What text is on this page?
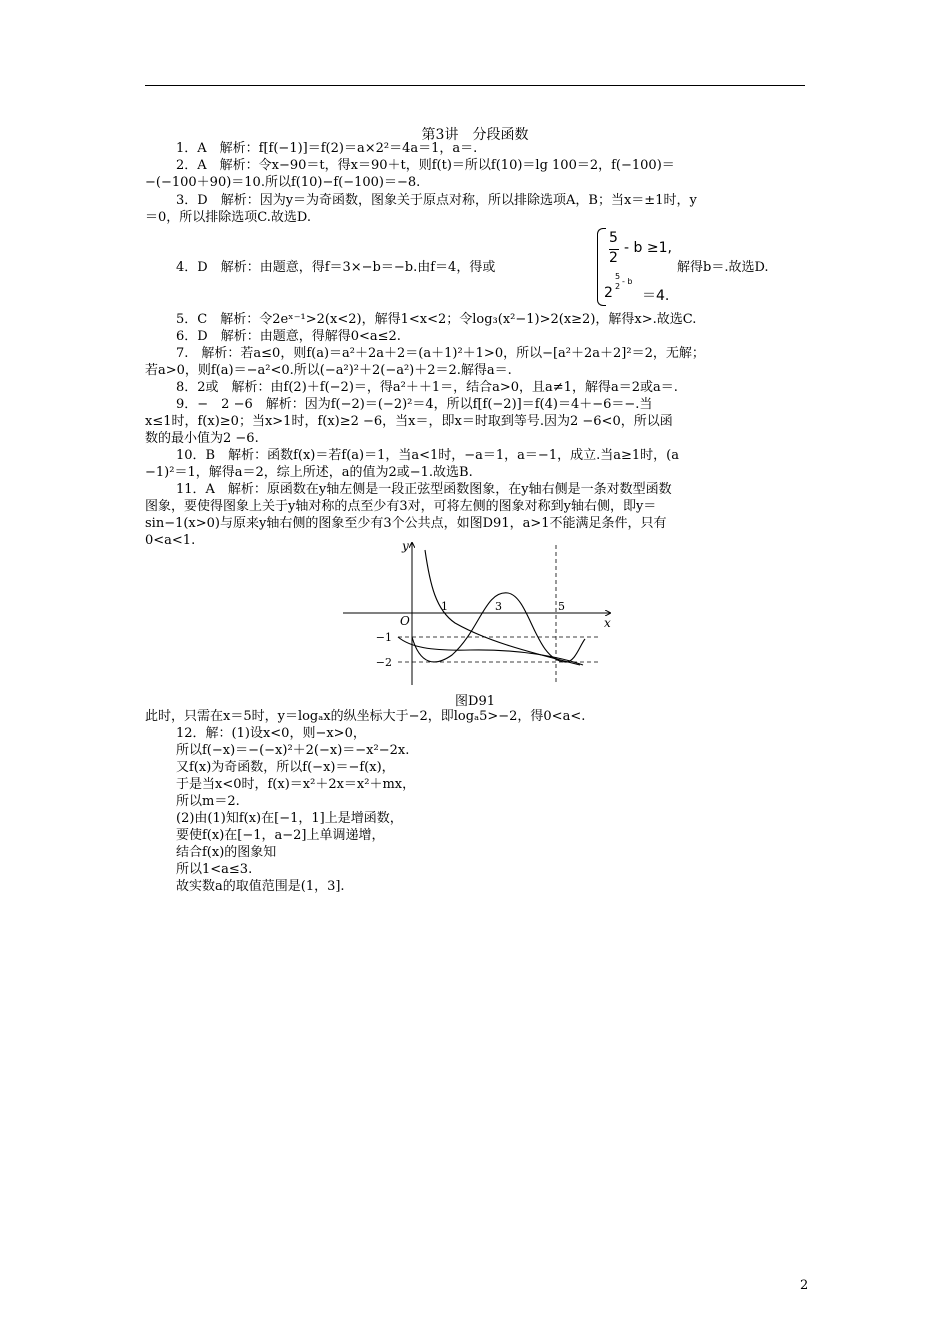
第3讲　分段函数
1．A　解析：f[f(−1)]＝f(2)＝a×2²＝4a＝1，a＝.
2．A　解析：令x−90＝t，得x＝90＋t，则f(t)＝所以f(10)＝lg 100＝2，f(−100)＝
−(−100＋90)＝10.所以f(10)−f(−100)＝−8.
3．D　解析：因为y＝为奇函数，图象关于原点对称，所以排除选项A，B；当x＝±1时，y
＝0，所以排除选项C.故选D.
4．D　解析：由题意，得f＝3×−b＝−b.由f＝4，得或
5
2
- b ≥1,
2
5
2
- b
＝4.
解得b＝.故选D.
5．C　解析：令2eˣ⁻¹>2(x<2)，解得1<x<2；令log₃(x²−1)>2(x≥2)，解得x>.故选C.
6．D　解析：由题意，得解得0<a≤2.
7.　解析：若a≤0，则f(a)＝a²＋2a＋2＝(a＋1)²＋1>0，所以−[a²＋2a＋2]²＝2，无解；
若a>0，则f(a)＝−a²<0.所以(−a²)²＋2(−a²)＋2＝2.解得a＝.
8．2或　解析：由f(2)＋f(−2)＝，得a²＋＋1＝，结合a>0，且a≠1，解得a＝2或a＝.
9．−　2 −6　解析：因为f(−2)＝(−2)²＝4，所以f[f(−2)]＝f(4)＝4＋−6＝−.当
x≤1时，f(x)≥0；当x>1时，f(x)≥2 −6，当x＝，即x＝时取到等号.因为2 −6<0，所以函
数的最小值为2 −6.
10．B　解析：函数f(x)＝若f(a)＝1，当a<1时，−a＝1，a＝−1，成立.当a≥1时，(a
−1)²＝1，解得a＝2，综上所述，a的值为2或−1.故选B.
11．A　解析：原函数在y轴左侧是一段正弦型函数图象，在y轴右侧是一条对数型函数
图象，要使得图象上关于y轴对称的点至少有3对，可将左侧的图象对称到y轴右侧，即y＝
sin−1(x>0)与原来y轴右侧的图象至少有3个公共点，如图D91，a>1不能满足条件，只有
0<a<1.	y
x
O
1	3	5
−1
−2
图D91
此时，只需在x＝5时，y＝logₐx的纵坐标大于−2，即logₐ5>−2，得0<a<.
12．解：(1)设x<0，则−x>0，
所以f(−x)＝−(−x)²＋2(−x)＝−x²−2x.
又f(x)为奇函数，所以f(−x)＝−f(x)，
于是当x<0时，f(x)＝x²＋2x＝x²＋mx，
所以m＝2.
(2)由(1)知f(x)在[−1，1]上是增函数，
要使f(x)在[−1，a−2]上单调递增，
结合f(x)的图象知
所以1<a≤3.
故实数a的取值范围是(1，3].
2
